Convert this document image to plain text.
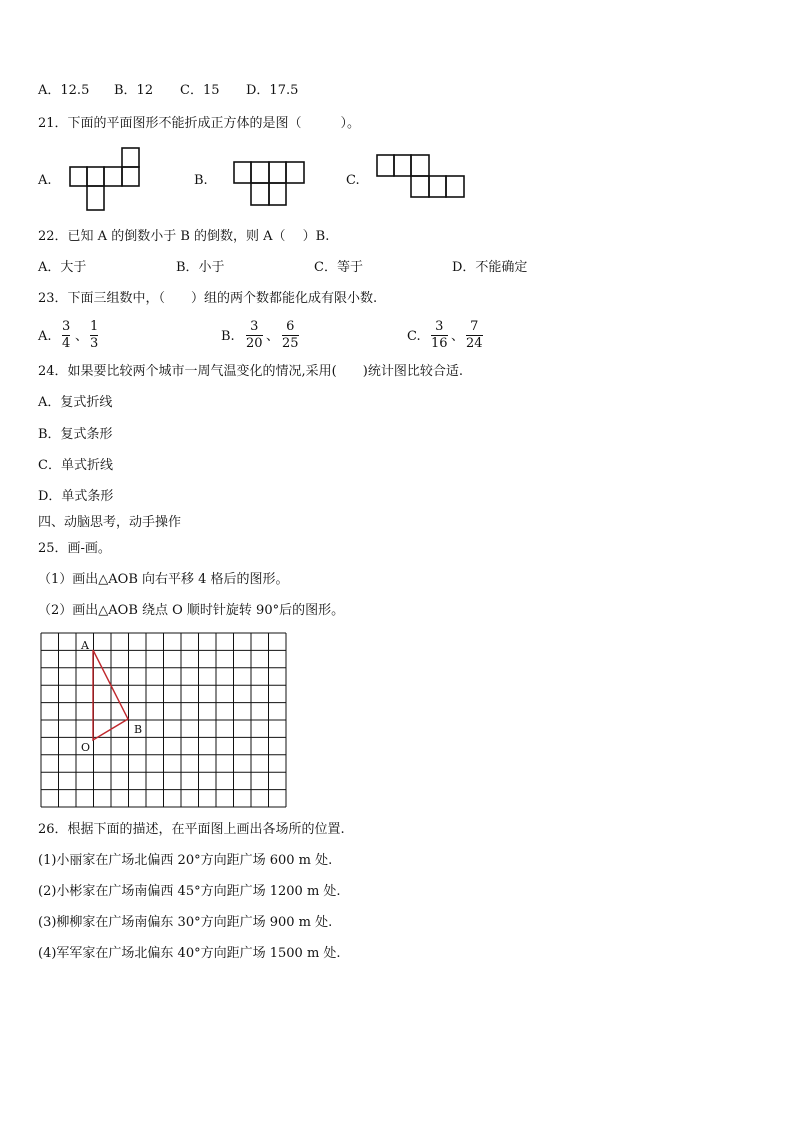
A．12.5 B．12 C．15 D．17.5
21．下面的平面图形不能折成正方体的是图（　　　）。
A.	B.	C.
22．已知 A 的倒数小于 B 的倒数，则 A（　 ）B.
A．大于	B．小于	C．等于	D．不能确定
23．下面三组数中，（　　）组的两个数都能化成有限小数.
A.
3
4 、
1
3	B.
3
20 、
6
25	C.
3
16 、
7
24
24．如果要比较两个城市一周气温变化的情况,采用(　　)统计图比较合适.
A．复式折线
B．复式条形
C．单式折线
D．单式条形
四、动脑思考，动手操作
25．画-画。
（1）画出△AOB 向右平移 4 格后的图形。
（2）画出△AOB 绕点 O 顺时针旋转 90°后的图形。
A
O
B
26．根据下面的描述，在平面图上画出各场所的位置.
(1)小丽家在广场北偏西 20°方向距广场 600 m 处.
(2)小彬家在广场南偏西 45°方向距广场 1200 m 处.
(3)柳柳家在广场南偏东 30°方向距广场 900 m 处.
(4)军军家在广场北偏东 40°方向距广场 1500 m 处.
